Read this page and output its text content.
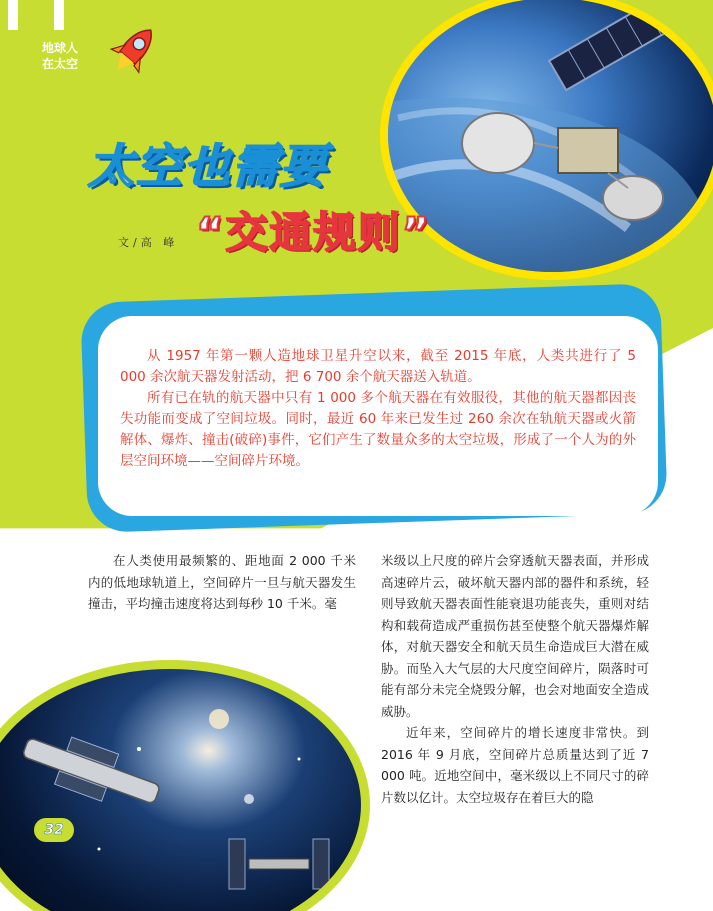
地球人
在太空
太空也需要
文/高 峰 “交通规则”

从 1957 年第一颗人造地球卫星升空以来，截至 2015 年底，人类共进行了 5 000 余次航天器发射活动，把 6 700 余个航天器送入轨道。

所有已在轨的航天器中只有 1 000 多个航天器在有效服役，其他的航天器都因丧失功能而变成了空间垃圾。同时，最近 60 年来已发生过 260 余次在轨航天器或火箭解体、爆炸、撞击(破碎)事件，它们产生了数量众多的太空垃圾，形成了一个人为的外层空间环境——空间碎片环境。

32

在人类使用最频繁的、距地面 2 000 千米内的低地球轨道上，空间碎片一旦与航天器发生撞击，平均撞击速度将达到每秒 10 千米。毫

米级以上尺度的碎片会穿透航天器表面，并形成高速碎片云，破坏航天器内部的器件和系统，轻则导致航天器表面性能衰退功能丧失，重则对结构和载荷造成严重损伤甚至使整个航天器爆炸解体，对航天器安全和航天员生命造成巨大潜在威胁。而坠入大气层的大尺度空间碎片，陨落时可能有部分未完全烧毁分解，也会对地面安全造成威胁。

近年来，空间碎片的增长速度非常快。到 2016 年 9 月底，空间碎片总质量达到了近 7 000 吨。近地空间中，毫米级以上不同尺寸的碎片数以亿计。太空垃圾存在着巨大的隐
